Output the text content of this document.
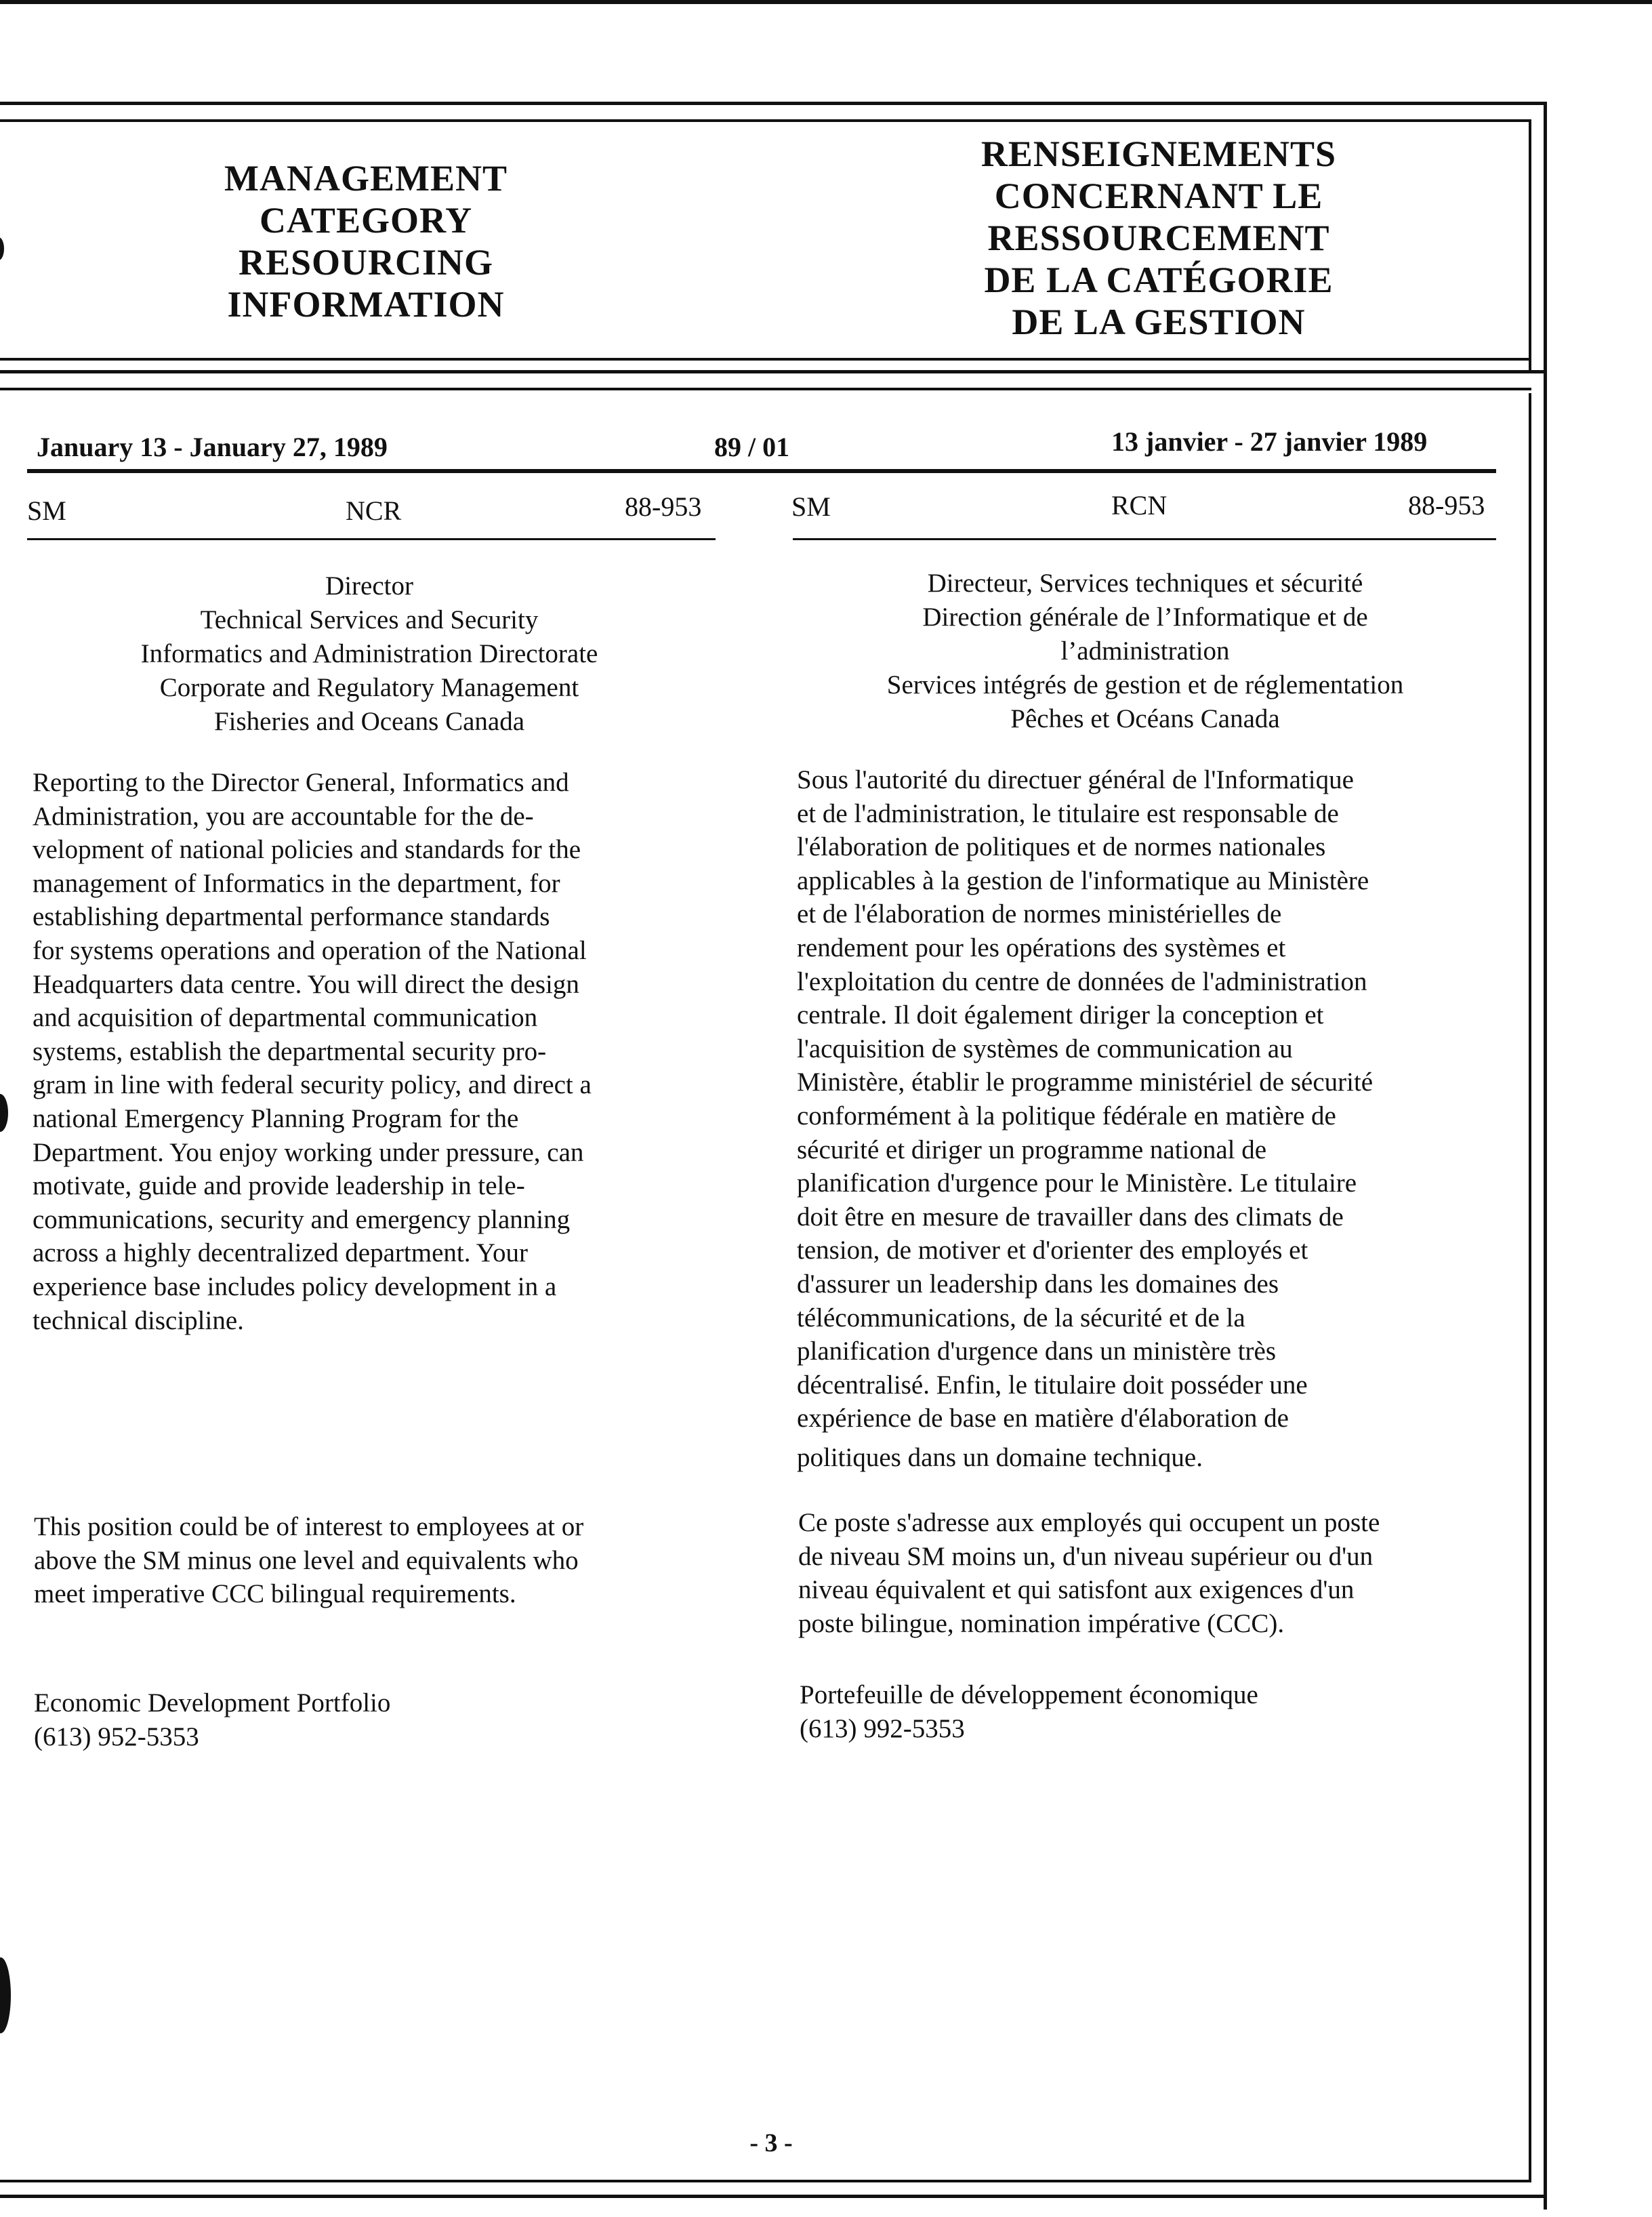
MANAGEMENT
CATEGORY
RESOURCING
INFORMATION
RENSEIGNEMENTS
CONCERNANT LE
RESSOURCEMENT
DE LA CATÉGORIE
DE LA GESTION
January 13 - January 27, 1989	89 / 01	13 janvier - 27 janvier 1989
SM	NCR	88-953	SM	RCN	88-953
Director
Technical Services and Security
Informatics and Administration Directorate
Corporate and Regulatory Management
Fisheries and Oceans Canada
Directeur, Services techniques et sécurité
Direction générale de l’Informatique et de
l’administration
Services intégrés de gestion et de réglementation
Pêches et Océans Canada
Reporting to the Director General, Informatics and
Administration, you are accountable for the de-
velopment of national policies and standards for the
management of Informatics in the department, for
establishing departmental performance standards
for systems operations and operation of the National
Headquarters data centre. You will direct the design
and acquisition of departmental communication
systems, establish the departmental security pro-
gram in line with federal security policy, and direct a
national Emergency Planning Program for the
Department. You enjoy working under pressure, can
motivate, guide and provide leadership in tele-
communications, security and emergency planning
across a highly decentralized department. Your
experience base includes policy development in a
technical discipline.
Sous l'autorité du directuer général de l'Informatique
et de l'administration, le titulaire est responsable de
l'élaboration de politiques et de normes nationales
applicables à la gestion de l'informatique au Ministère
et de l'élaboration de normes ministérielles de
rendement pour les opérations des systèmes et
l'exploitation du centre de données de l'administration
centrale. Il doit également diriger la conception et
l'acquisition de systèmes de communication au
Ministère, établir le programme ministériel de sécurité
conformément à la politique fédérale en matière de
sécurité et diriger un programme national de
planification d'urgence pour le Ministère. Le titulaire
doit être en mesure de travailler dans des climats de
tension, de motiver et d'orienter des employés et
d'assurer un leadership dans les domaines des
télécommunications, de la sécurité et de la
planification d'urgence dans un ministère très
décentralisé. Enfin, le titulaire doit posséder une
expérience de base en matière d'élaboration de
politiques dans un domaine technique.
This position could be of interest to employees at or
above the SM minus one level and equivalents who
meet imperative CCC bilingual requirements.
Ce poste s'adresse aux employés qui occupent un poste
de niveau SM moins un, d'un niveau supérieur ou d'un
niveau équivalent et qui satisfont aux exigences d'un
poste bilingue, nomination impérative (CCC).
Economic Development Portfolio
(613) 952-5353
Portefeuille de développement économique
(613) 992-5353
- 3 -
